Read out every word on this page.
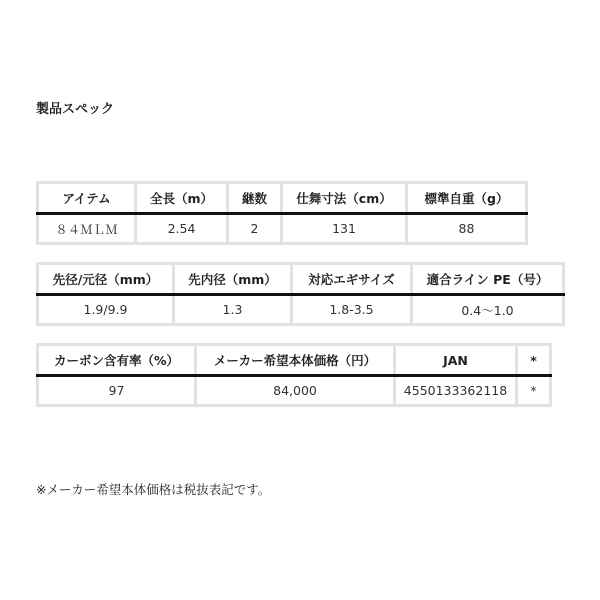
製品スペック
アイテム	全長（m）	継数	仕舞寸法（cm）	標準自重（g）
８４ＭＬＭ	2.54	2	131	88
先径/元径（mm）	先内径（mm）	対応エギサイズ	適合ライン PE（号）
1.9/9.9	1.3	1.8-3.5	0.4〜1.0
カーボン含有率（%）	メーカー希望本体価格（円）	JAN	*
97	84,000	4550133362118	*
※メーカー希望本体価格は税抜表記です。
